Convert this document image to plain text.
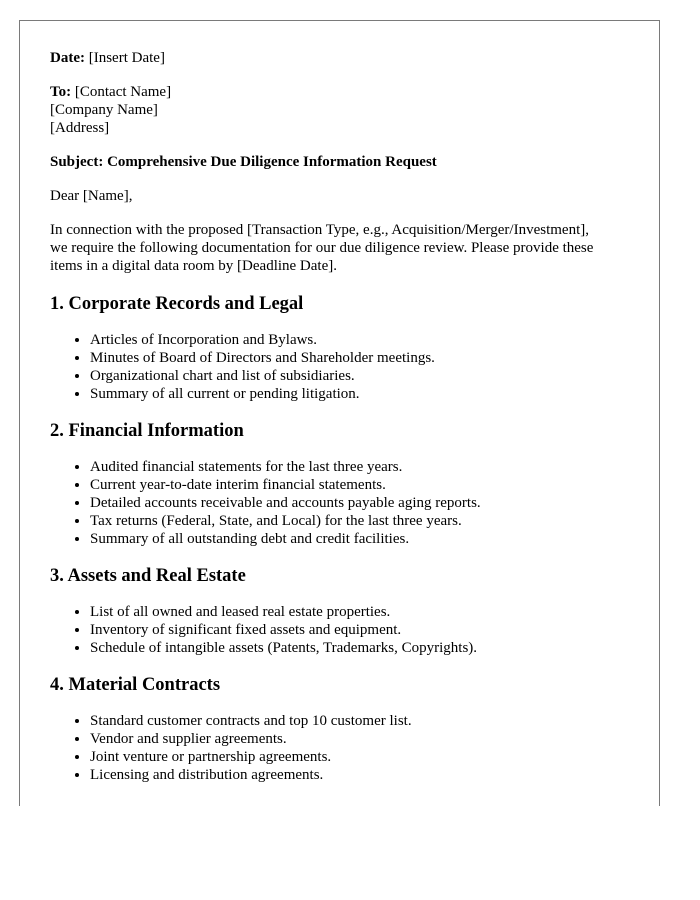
Date: [Insert Date]

To: [Contact Name]
[Company Name]
[Address]

Subject: Comprehensive Due Diligence Information Request

Dear [Name],

In connection with the proposed [Transaction Type, e.g., Acquisition/Merger/Investment],
we require the following documentation for our due diligence review. Please provide these
items in a digital data room by [Deadline Date].

1. Corporate Records and Legal
• Articles of Incorporation and Bylaws.
• Minutes of Board of Directors and Shareholder meetings.
• Organizational chart and list of subsidiaries.
• Summary of all current or pending litigation.
2. Financial Information
• Audited financial statements for the last three years.
• Current year-to-date interim financial statements.
• Detailed accounts receivable and accounts payable aging reports.
• Tax returns (Federal, State, and Local) for the last three years.
• Summary of all outstanding debt and credit facilities.
3. Assets and Real Estate
• List of all owned and leased real estate properties.
• Inventory of significant fixed assets and equipment.
• Schedule of intangible assets (Patents, Trademarks, Copyrights).
4. Material Contracts
• Standard customer contracts and top 10 customer list.
• Vendor and supplier agreements.
• Joint venture or partnership agreements.
• Licensing and distribution agreements.
